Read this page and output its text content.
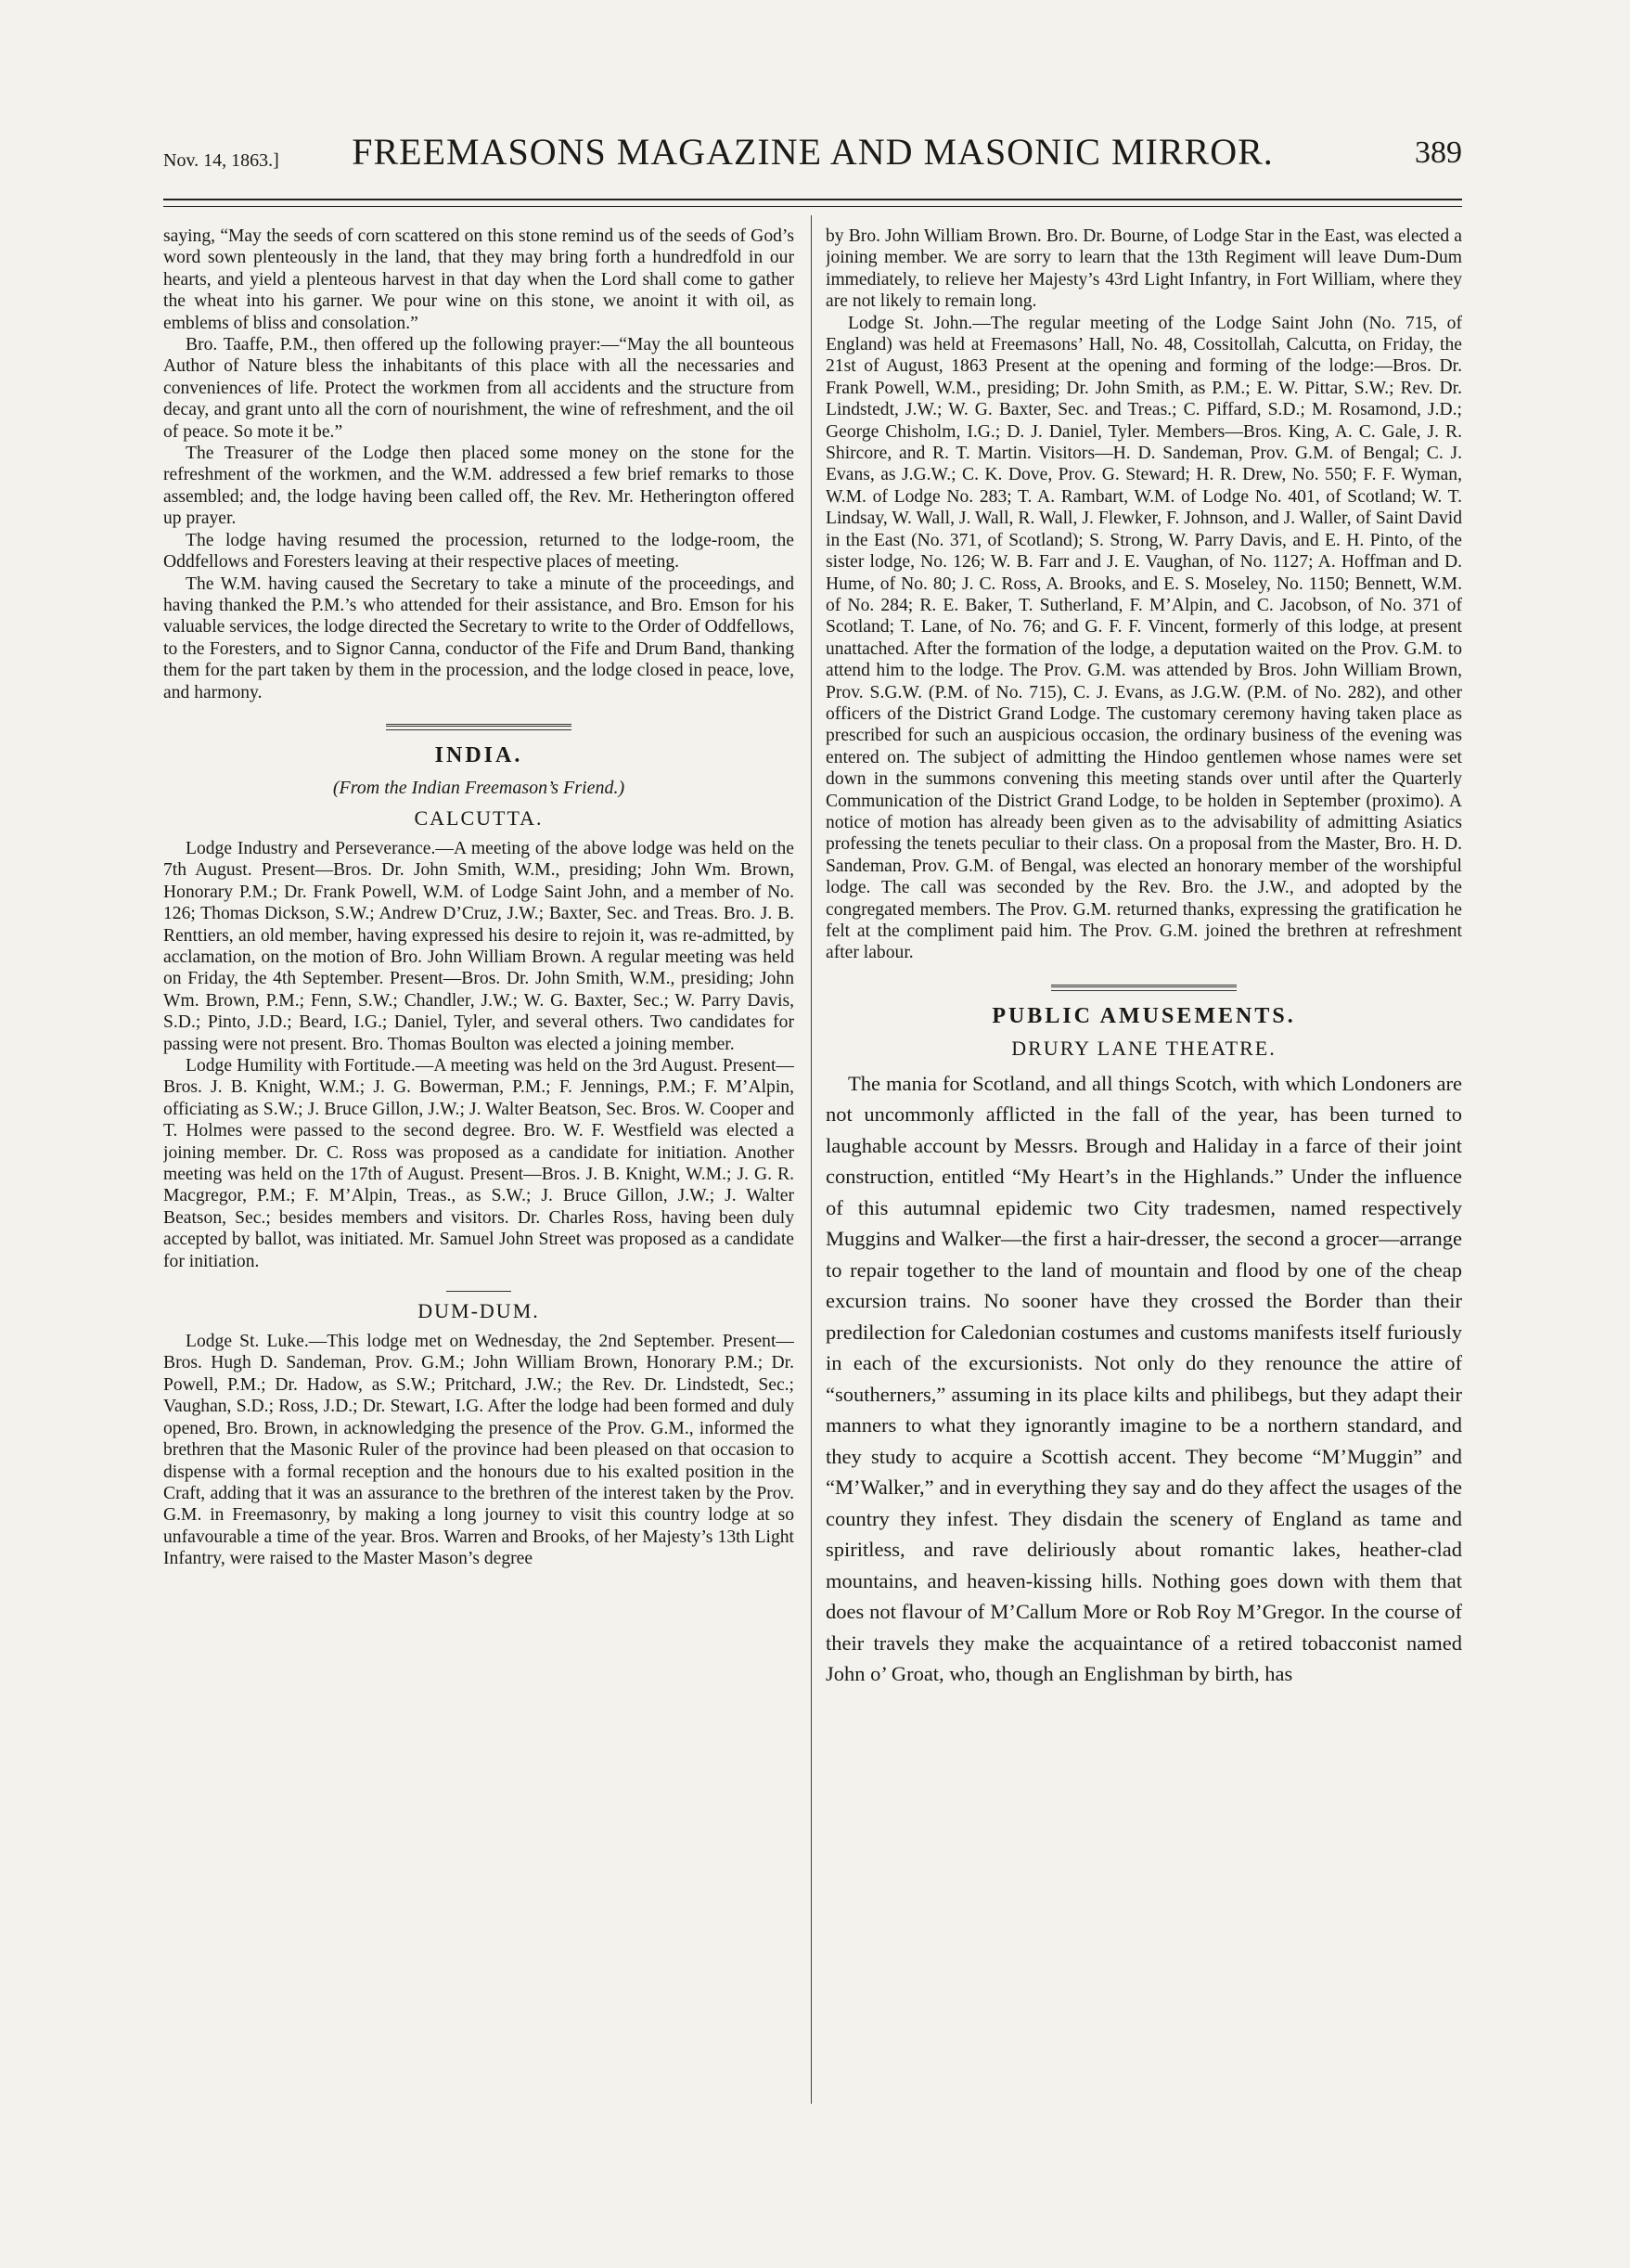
Nov. 14, 1863.]	FREEMASONS MAGAZINE AND MASONIC MIRROR.	389

saying, “May the seeds of corn scattered on this stone remind us of the seeds of God’s word sown plenteously in the land, that they may bring forth a hundredfold in our hearts, and yield a plenteous harvest in that day when the Lord shall come to gather the wheat into his garner. We pour wine on this stone, we anoint it with oil, as emblems of bliss and consolation.”

Bro. Taaffe, P.M., then offered up the following prayer:—“May the all bounteous Author of Nature bless the inhabitants of this place with all the necessaries and conveniences of life. Protect the workmen from all accidents and the structure from decay, and grant unto all the corn of nourishment, the wine of refreshment, and the oil of peace. So mote it be.”

The Treasurer of the Lodge then placed some money on the stone for the refreshment of the workmen, and the W.M. addressed a few brief remarks to those assembled; and, the lodge having been called off, the Rev. Mr. Hetherington offered up prayer.

The lodge having resumed the procession, returned to the lodge-room, the Oddfellows and Foresters leaving at their respective places of meeting.

The W.M. having caused the Secretary to take a minute of the proceedings, and having thanked the P.M.’s who attended for their assistance, and Bro. Emson for his valuable services, the lodge directed the Secretary to write to the Order of Oddfellows, to the Foresters, and to Signor Canna, conductor of the Fife and Drum Band, thanking them for the part taken by them in the procession, and the lodge closed in peace, love, and harmony.

INDIA.
(From the Indian Freemason’s Friend.)
CALCUTTA.

Lodge Industry and Perseverance.—A meeting of the above lodge was held on the 7th August. Present—Bros. Dr. John Smith, W.M., presiding; John Wm. Brown, Honorary P.M.; Dr. Frank Powell, W.M. of Lodge Saint John, and a member of No. 126; Thomas Dickson, S.W.; Andrew D’Cruz, J.W.; Baxter, Sec. and Treas. Bro. J. B. Renttiers, an old member, having expressed his desire to rejoin it, was re-admitted, by acclamation, on the motion of Bro. John William Brown. A regular meeting was held on Friday, the 4th September. Present—Bros. Dr. John Smith, W.M., presiding; John Wm. Brown, P.M.; Fenn, S.W.; Chandler, J.W.; W. G. Baxter, Sec.; W. Parry Davis, S.D.; Pinto, J.D.; Beard, I.G.; Daniel, Tyler, and several others. Two candidates for passing were not present. Bro. Thomas Boulton was elected a joining member.

Lodge Humility with Fortitude.—A meeting was held on the 3rd August. Present—Bros. J. B. Knight, W.M.; J. G. Bowerman, P.M.; F. Jennings, P.M.; F. M’Alpin, officiating as S.W.; J. Bruce Gillon, J.W.; J. Walter Beatson, Sec. Bros. W. Cooper and T. Holmes were passed to the second degree. Bro. W. F. Westfield was elected a joining member. Dr. C. Ross was proposed as a candidate for initiation. Another meeting was held on the 17th of August. Present—Bros. J. B. Knight, W.M.; J. G. R. Macgregor, P.M.; F. M’Alpin, Treas., as S.W.; J. Bruce Gillon, J.W.; J. Walter Beatson, Sec.; besides members and visitors. Dr. Charles Ross, having been duly accepted by ballot, was initiated. Mr. Samuel John Street was proposed as a candidate for initiation.

DUM-DUM.

Lodge St. Luke.—This lodge met on Wednesday, the 2nd September. Present—Bros. Hugh D. Sandeman, Prov. G.M.; John William Brown, Honorary P.M.; Dr. Powell, P.M.; Dr. Hadow, as S.W.; Pritchard, J.W.; the Rev. Dr. Lindstedt, Sec.; Vaughan, S.D.; Ross, J.D.; Dr. Stewart, I.G. After the lodge had been formed and duly opened, Bro. Brown, in acknowledging the presence of the Prov. G.M., informed the brethren that the Masonic Ruler of the province had been pleased on that occasion to dispense with a formal reception and the honours due to his exalted position in the Craft, adding that it was an assurance to the brethren of the interest taken by the Prov. G.M. in Freemasonry, by making a long journey to visit this country lodge at so unfavourable a time of the year. Bros. Warren and Brooks, of her Majesty’s 13th Light Infantry, were raised to the Master Mason’s degree

by Bro. John William Brown. Bro. Dr. Bourne, of Lodge Star in the East, was elected a joining member. We are sorry to learn that the 13th Regiment will leave Dum-Dum immediately, to relieve her Majesty’s 43rd Light Infantry, in Fort William, where they are not likely to remain long.

Lodge St. John.—The regular meeting of the Lodge Saint John (No. 715, of England) was held at Freemasons’ Hall, No. 48, Cossitollah, Calcutta, on Friday, the 21st of August, 1863 Present at the opening and forming of the lodge:—Bros. Dr. Frank Powell, W.M., presiding; Dr. John Smith, as P.M.; E. W. Pittar, S.W.; Rev. Dr. Lindstedt, J.W.; W. G. Baxter, Sec. and Treas.; C. Piffard, S.D.; M. Rosamond, J.D.; George Chisholm, I.G.; D. J. Daniel, Tyler. Members—Bros. King, A. C. Gale, J. R. Shircore, and R. T. Martin. Visitors—H. D. Sandeman, Prov. G.M. of Bengal; C. J. Evans, as J.G.W.; C. K. Dove, Prov. G. Steward; H. R. Drew, No. 550; F. F. Wyman, W.M. of Lodge No. 283; T. A. Rambart, W.M. of Lodge No. 401, of Scotland; W. T. Lindsay, W. Wall, J. Wall, R. Wall, J. Flewker, F. Johnson, and J. Waller, of Saint David in the East (No. 371, of Scotland); S. Strong, W. Parry Davis, and E. H. Pinto, of the sister lodge, No. 126; W. B. Farr and J. E. Vaughan, of No. 1127; A. Hoffman and D. Hume, of No. 80; J. C. Ross, A. Brooks, and E. S. Moseley, No. 1150; Bennett, W.M. of No. 284; R. E. Baker, T. Sutherland, F. M’Alpin, and C. Jacobson, of No. 371 of Scotland; T. Lane, of No. 76; and G. F. F. Vincent, formerly of this lodge, at present unattached. After the formation of the lodge, a deputation waited on the Prov. G.M. to attend him to the lodge. The Prov. G.M. was attended by Bros. John William Brown, Prov. S.G.W. (P.M. of No. 715), C. J. Evans, as J.G.W. (P.M. of No. 282), and other officers of the District Grand Lodge. The customary ceremony having taken place as prescribed for such an auspicious occasion, the ordinary business of the evening was entered on. The subject of admitting the Hindoo gentlemen whose names were set down in the summons convening this meeting stands over until after the Quarterly Communication of the District Grand Lodge, to be holden in September (proximo). A notice of motion has already been given as to the advisability of admitting Asiatics professing the tenets peculiar to their class. On a proposal from the Master, Bro. H. D. Sandeman, Prov. G.M. of Bengal, was elected an honorary member of the worshipful lodge. The call was seconded by the Rev. Bro. the J.W., and adopted by the congregated members. The Prov. G.M. returned thanks, expressing the gratification he felt at the compliment paid him. The Prov. G.M. joined the brethren at refreshment after labour.

PUBLIC AMUSEMENTS.
DRURY LANE THEATRE.

The mania for Scotland, and all things Scotch, with which Londoners are not uncommonly afflicted in the fall of the year, has been turned to laughable account by Messrs. Brough and Haliday in a farce of their joint construction, entitled “My Heart’s in the Highlands.” Under the influence of this autumnal epidemic two City tradesmen, named respectively Muggins and Walker—the first a hair-dresser, the second a grocer—arrange to repair together to the land of mountain and flood by one of the cheap excursion trains. No sooner have they crossed the Border than their predilection for Caledonian costumes and customs manifests itself furiously in each of the excursionists. Not only do they renounce the attire of “southerners,” assuming in its place kilts and philibegs, but they adapt their manners to what they ignorantly imagine to be a northern standard, and they study to acquire a Scottish accent. They become “M’Muggin” and “M’Walker,” and in everything they say and do they affect the usages of the country they infest. They disdain the scenery of England as tame and spiritless, and rave deliriously about romantic lakes, heather-clad mountains, and heaven-kissing hills. Nothing goes down with them that does not flavour of M’Callum More or Rob Roy M’Gregor. In the course of their travels they make the acquaintance of a retired tobacconist named John o’ Groat, who, though an Englishman by birth, has
